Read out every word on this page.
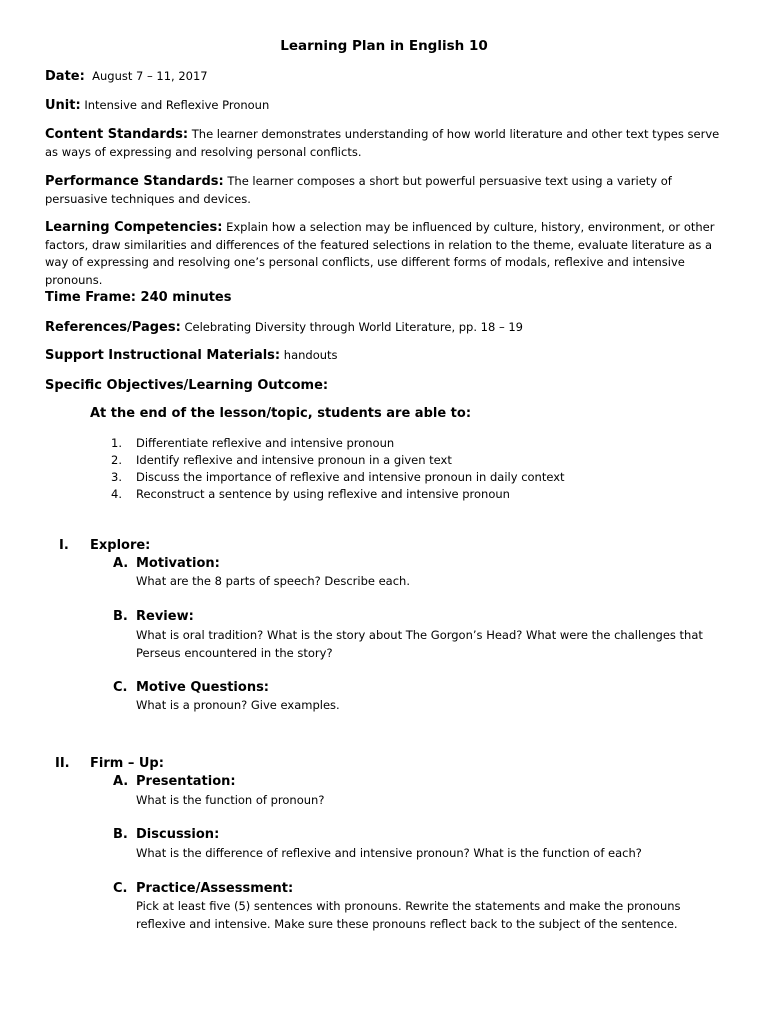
Learning Plan in English 10
Date: August 7 – 11, 2017
Unit: Intensive and Reflexive Pronoun
Content Standards: The learner demonstrates understanding of how world literature and other text types serve as ways of expressing and resolving personal conflicts.
Performance Standards: The learner composes a short but powerful persuasive text using a variety of persuasive techniques and devices.
Learning Competencies: Explain how a selection may be influenced by culture, history, environment, or other factors, draw similarities and differences of the featured selections in relation to the theme, evaluate literature as a way of expressing and resolving one’s personal conflicts, use different forms of modals, reflexive and intensive pronouns.
Time Frame: 240 minutes
References/Pages: Celebrating Diversity through World Literature, pp. 18 – 19
Support Instructional Materials: handouts
Specific Objectives/Learning Outcome:
At the end of the lesson/topic, students are able to:
1. Differentiate reflexive and intensive pronoun
2. Identify reflexive and intensive pronoun in a given text
3. Discuss the importance of reflexive and intensive pronoun in daily context
4. Reconstruct a sentence by using reflexive and intensive pronoun
I. Explore:
A. Motivation:
What are the 8 parts of speech? Describe each.
B. Review:
What is oral tradition? What is the story about The Gorgon’s Head? What were the challenges that Perseus encountered in the story?
C. Motive Questions:
What is a pronoun? Give examples.
II. Firm – Up:
A. Presentation:
What is the function of pronoun?
B. Discussion:
What is the difference of reflexive and intensive pronoun? What is the function of each?
C. Practice/Assessment:
Pick at least five (5) sentences with pronouns. Rewrite the statements and make the pronouns reflexive and intensive. Make sure these pronouns reflect back to the subject of the sentence.
